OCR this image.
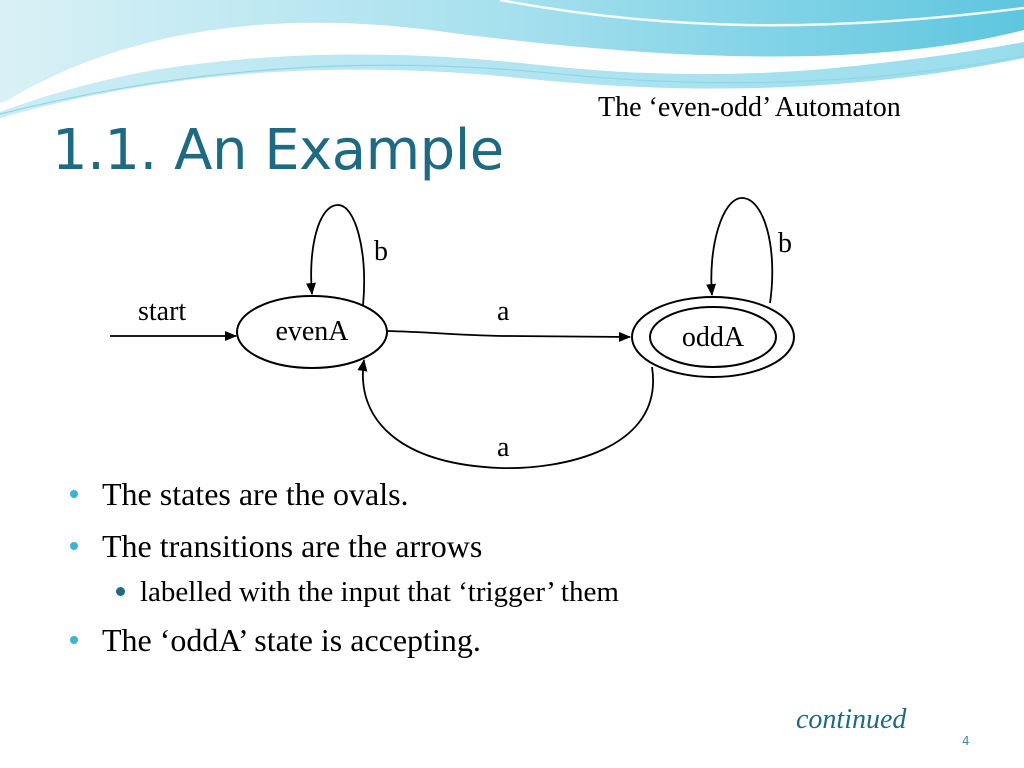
1.1. An Example
The ‘even-odd’ Automaton
start
evenA	oddA
b
a
b
a
The states are the ovals.
The transitions are the arrows
labelled with the input that ‘trigger’ them
The ‘oddA’ state is accepting.
continued
4
